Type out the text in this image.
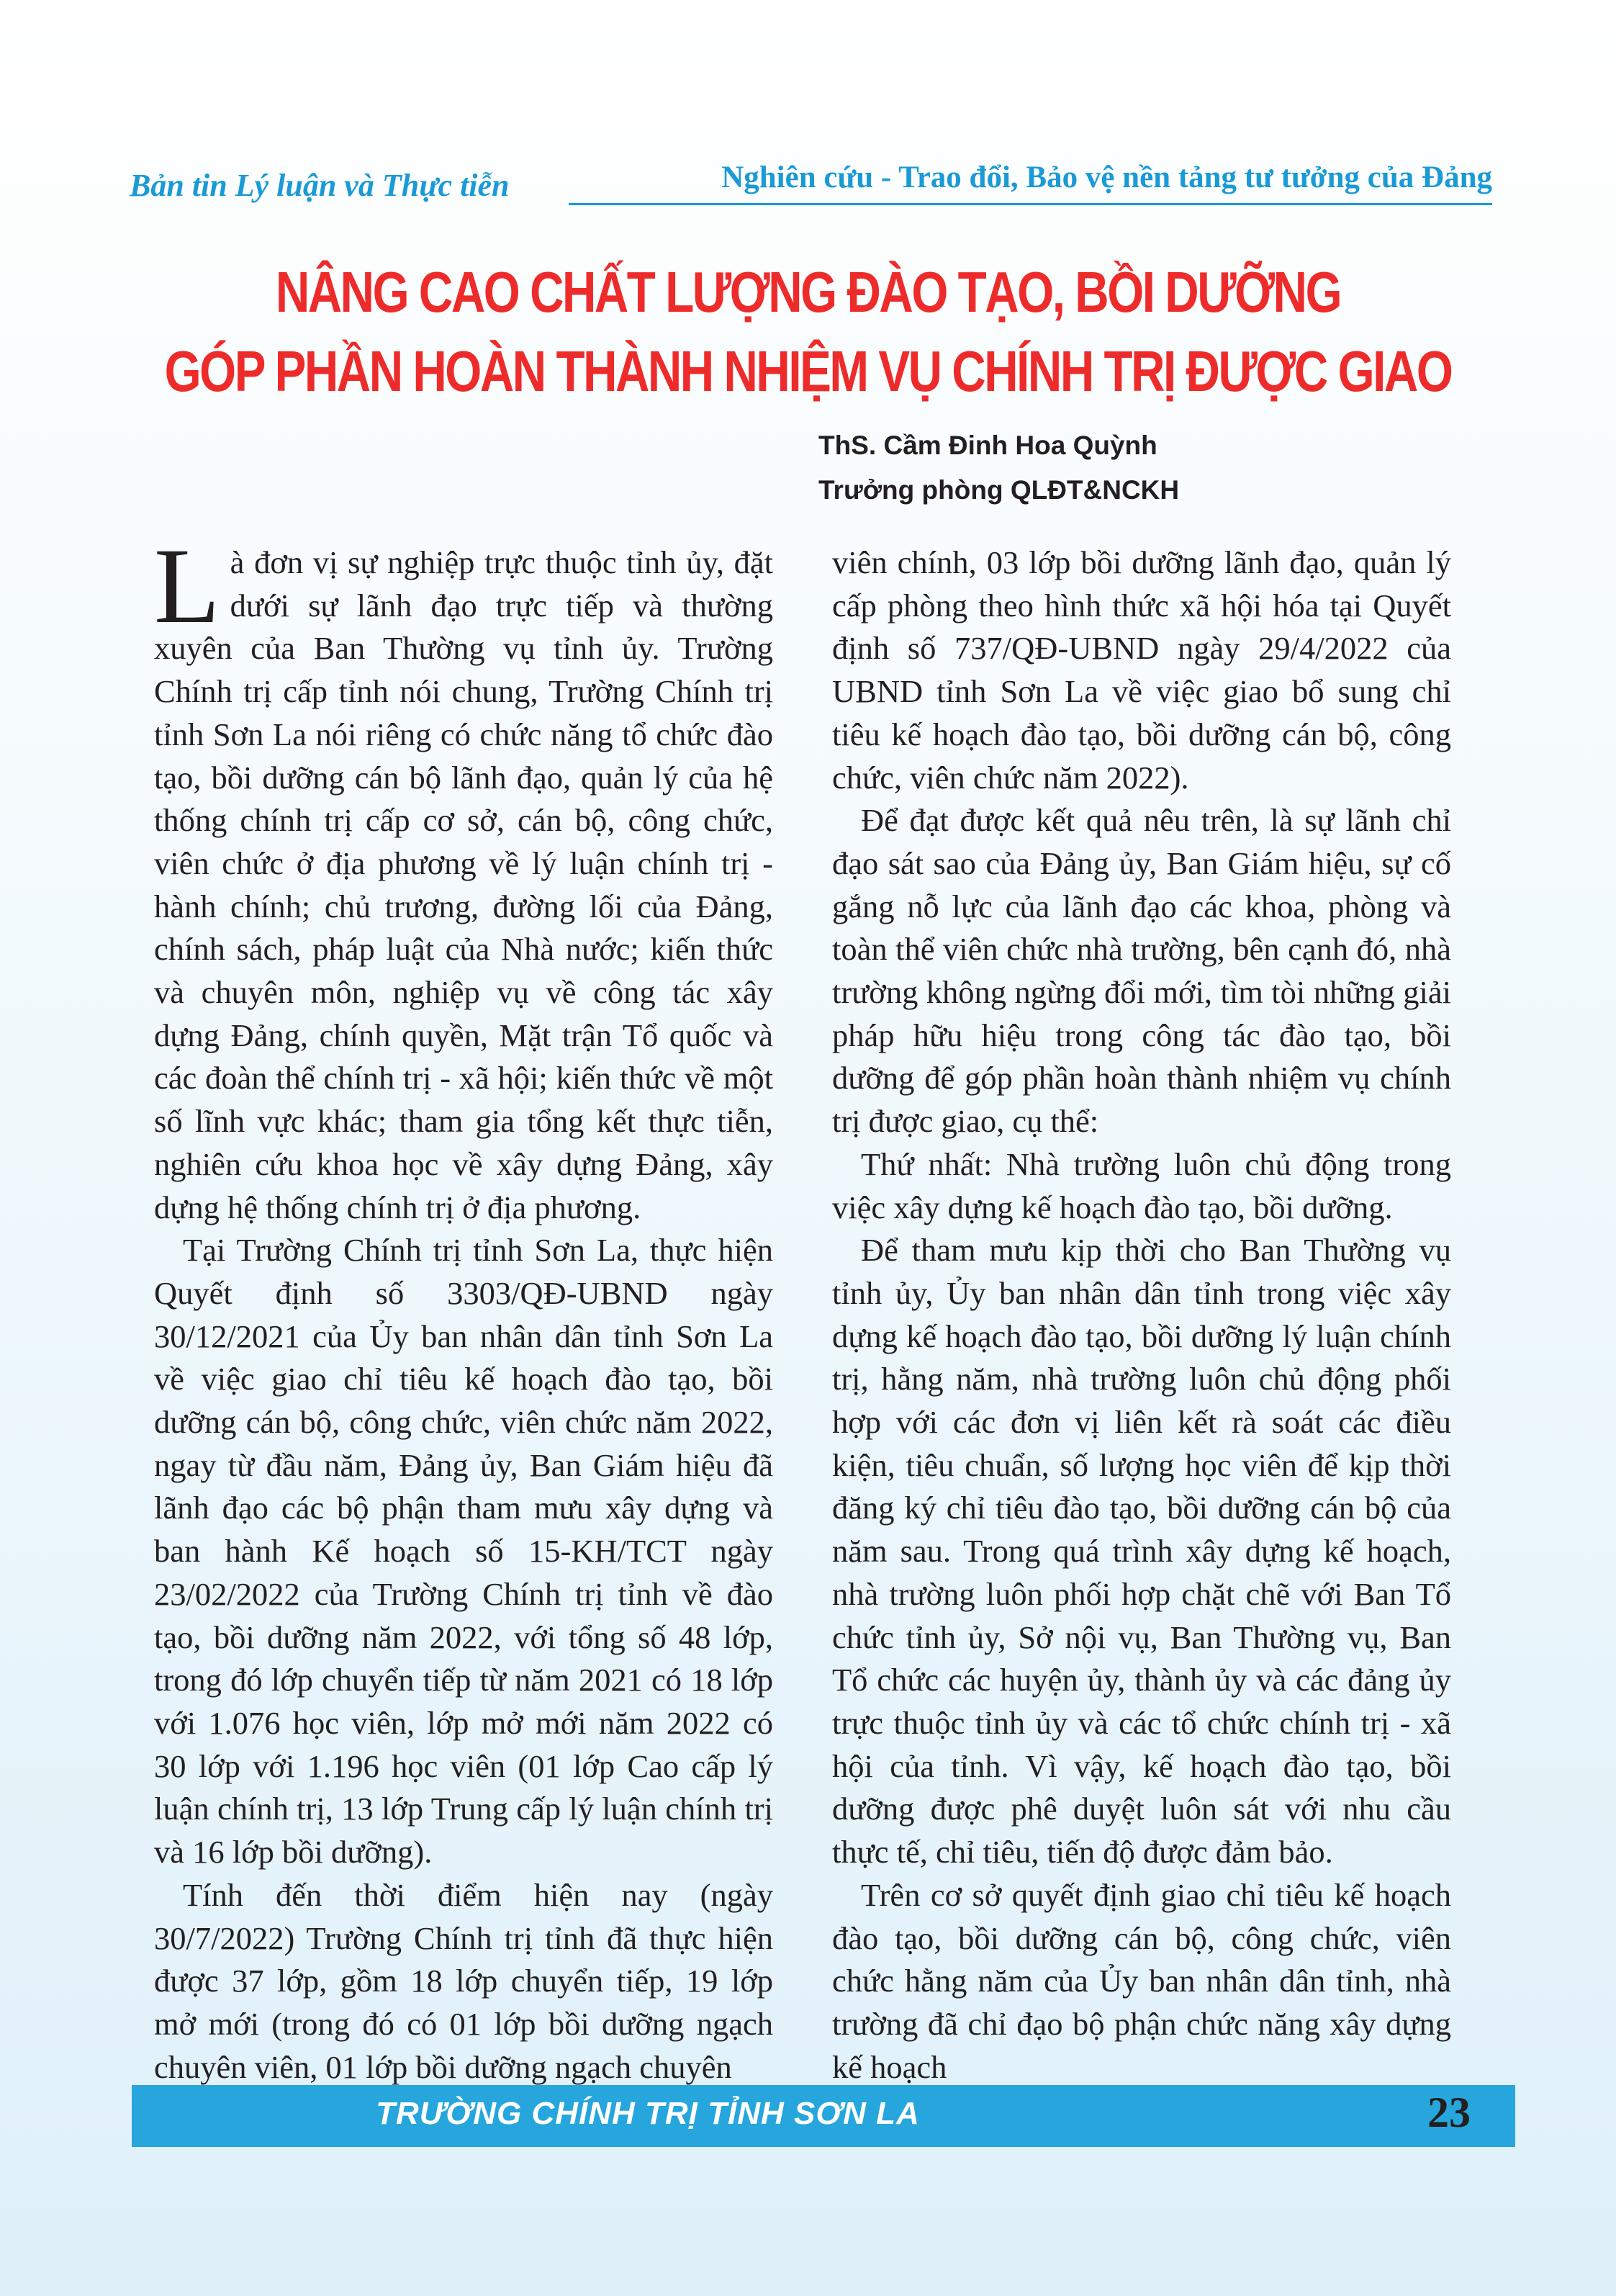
Bản tin Lý luận và Thực tiễn	Nghiên cứu - Trao đổi, Bảo vệ nền tảng tư tưởng của Đảng
NÂNG CAO CHẤT LƯỢNG ĐÀO TẠO, BỒI DƯỠNG
GÓP PHẦN HOÀN THÀNH NHIỆM VỤ CHÍNH TRỊ ĐƯỢC GIAO
ThS. Cầm Đinh Hoa Quỳnh
Trưởng phòng QLĐT&NCKH

Là đơn vị sự nghiệp trực thuộc tỉnh ủy, đặt dưới sự lãnh đạo trực tiếp và thường xuyên của Ban Thường vụ tỉnh ủy. Trường Chính trị cấp tỉnh nói chung, Trường Chính trị tỉnh Sơn La nói riêng có chức năng tổ chức đào tạo, bồi dưỡng cán bộ lãnh đạo, quản lý của hệ thống chính trị cấp cơ sở, cán bộ, công chức, viên chức ở địa phương về lý luận chính trị - hành chính; chủ trương, đường lối của Đảng, chính sách, pháp luật của Nhà nước; kiến thức và chuyên môn, nghiệp vụ về công tác xây dựng Đảng, chính quyền, Mặt trận Tổ quốc và các đoàn thể chính trị - xã hội; kiến thức về một số lĩnh vực khác; tham gia tổng kết thực tiễn, nghiên cứu khoa học về xây dựng Đảng, xây dựng hệ thống chính trị ở địa phương.

Tại Trường Chính trị tỉnh Sơn La, thực hiện Quyết định số 3303/QĐ-UBND ngày 30/12/2021 của Ủy ban nhân dân tỉnh Sơn La về việc giao chỉ tiêu kế hoạch đào tạo, bồi dưỡng cán bộ, công chức, viên chức năm 2022, ngay từ đầu năm, Đảng ủy, Ban Giám hiệu đã lãnh đạo các bộ phận tham mưu xây dựng và ban hành Kế hoạch số 15-KH/TCT ngày 23/02/2022 của Trường Chính trị tỉnh về đào tạo, bồi dưỡng năm 2022, với tổng số 48 lớp, trong đó lớp chuyển tiếp từ năm 2021 có 18 lớp với 1.076 học viên, lớp mở mới năm 2022 có 30 lớp với 1.196 học viên (01 lớp Cao cấp lý luận chính trị, 13 lớp Trung cấp lý luận chính trị và 16 lớp bồi dưỡng).

Tính đến thời điểm hiện nay (ngày 30/7/2022) Trường Chính trị tỉnh đã thực hiện được 37 lớp, gồm 18 lớp chuyển tiếp, 19 lớp mở mới (trong đó có 01 lớp bồi dưỡng ngạch chuyên viên, 01 lớp bồi dưỡng ngạch chuyên

viên chính, 03 lớp bồi dưỡng lãnh đạo, quản lý cấp phòng theo hình thức xã hội hóa tại Quyết định số 737/QĐ-UBND ngày 29/4/2022 của UBND tỉnh Sơn La về việc giao bổ sung chỉ tiêu kế hoạch đào tạo, bồi dưỡng cán bộ, công chức, viên chức năm 2022).

Để đạt được kết quả nêu trên, là sự lãnh chỉ đạo sát sao của Đảng ủy, Ban Giám hiệu, sự cố gắng nỗ lực của lãnh đạo các khoa, phòng và toàn thể viên chức nhà trường, bên cạnh đó, nhà trường không ngừng đổi mới, tìm tòi những giải pháp hữu hiệu trong công tác đào tạo, bồi dưỡng để góp phần hoàn thành nhiệm vụ chính trị được giao, cụ thể:

Thứ nhất: Nhà trường luôn chủ động trong việc xây dựng kế hoạch đào tạo, bồi dưỡng.

Để tham mưu kịp thời cho Ban Thường vụ tỉnh ủy, Ủy ban nhân dân tỉnh trong việc xây dựng kế hoạch đào tạo, bồi dưỡng lý luận chính trị, hằng năm, nhà trường luôn chủ động phối hợp với các đơn vị liên kết rà soát các điều kiện, tiêu chuẩn, số lượng học viên để kịp thời đăng ký chỉ tiêu đào tạo, bồi dưỡng cán bộ của năm sau. Trong quá trình xây dựng kế hoạch, nhà trường luôn phối hợp chặt chẽ với Ban Tổ chức tỉnh ủy, Sở nội vụ, Ban Thường vụ, Ban Tổ chức các huyện ủy, thành ủy và các đảng ủy trực thuộc tỉnh ủy và các tổ chức chính trị - xã hội của tỉnh. Vì vậy, kế hoạch đào tạo, bồi dưỡng được phê duyệt luôn sát với nhu cầu thực tế, chỉ tiêu, tiến độ được đảm bảo.

Trên cơ sở quyết định giao chỉ tiêu kế hoạch đào tạo, bồi dưỡng cán bộ, công chức, viên chức hằng năm của Ủy ban nhân dân tỉnh, nhà trường đã chỉ đạo bộ phận chức năng xây dựng kế hoạch

TRƯỜNG CHÍNH TRỊ TỈNH SƠN LA	23
